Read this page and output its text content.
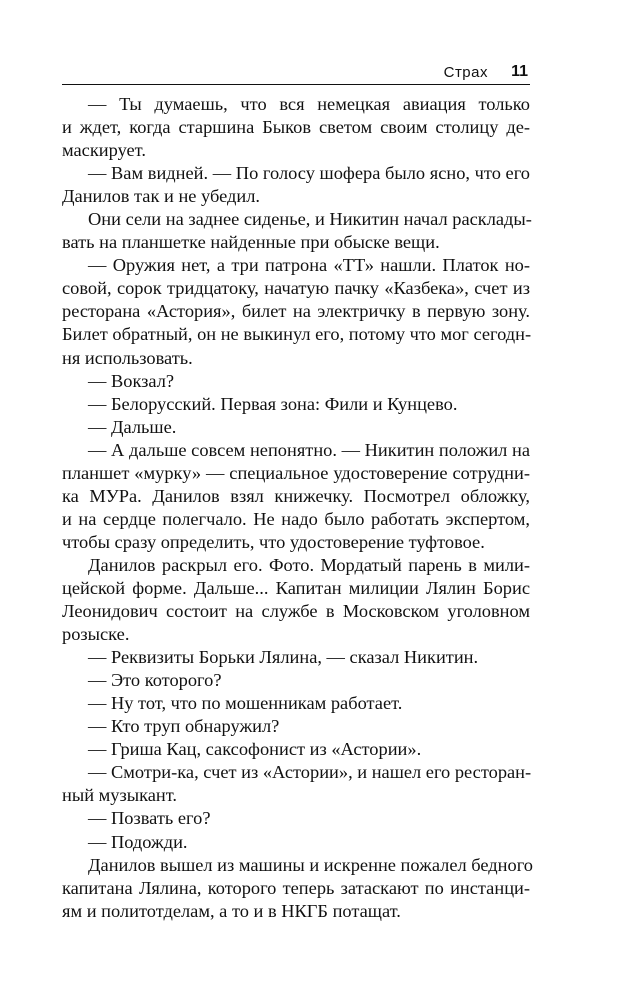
Страх 11
— Ты думаешь, что вся немецкая авиация только
и ждет, когда старшина Быков светом своим столицу де-
маскирует.
— Вам видней. — По голосу шофера было ясно, что его
Данилов так и не убедил.
Они сели на заднее сиденье, и Никитин начал расклады-
вать на планшетке найденные при обыске вещи.
— Оружия нет, а три патрона «ТТ» нашли. Платок но-
совой, сорок тридцатоку, начатую пачку «Казбека», счет из
ресторана «Астория», билет на электричку в первую зону.
Билет обратный, он не выкинул его, потому что мог сегодн-
ня использовать.
— Вокзал?
— Белорусский. Первая зона: Фили и Кунцево.
— Дальше.
— А дальше совсем непонятно. — Никитин положил на
планшет «мурку» — специальное удостоверение сотрудни-
ка МУРа. Данилов взял книжечку. Посмотрел обложку,
и на сердце полегчало. Не надо было работать экспертом,
чтобы сразу определить, что удостоверение туфтовое.
Данилов раскрыл его. Фото. Мордатый парень в мили-
цейской форме. Дальше... Капитан милиции Лялин Борис
Леонидович состоит на службе в Московском уголовном
розыске.
— Реквизиты Борьки Лялина, — сказал Никитин.
— Это которого?
— Ну тот, что по мошенникам работает.
— Кто труп обнаружил?
— Гриша Кац, саксофонист из «Астории».
— Смотри-ка, счет из «Астории», и нашел его ресторан-
ный музыкант.
— Позвать его?
— Подожди.
Данилов вышел из машины и искренне пожалел бедного
капитана Лялина, которого теперь затаскают по инстанци-
ям и политотделам, а то и в НКГБ потащат.
